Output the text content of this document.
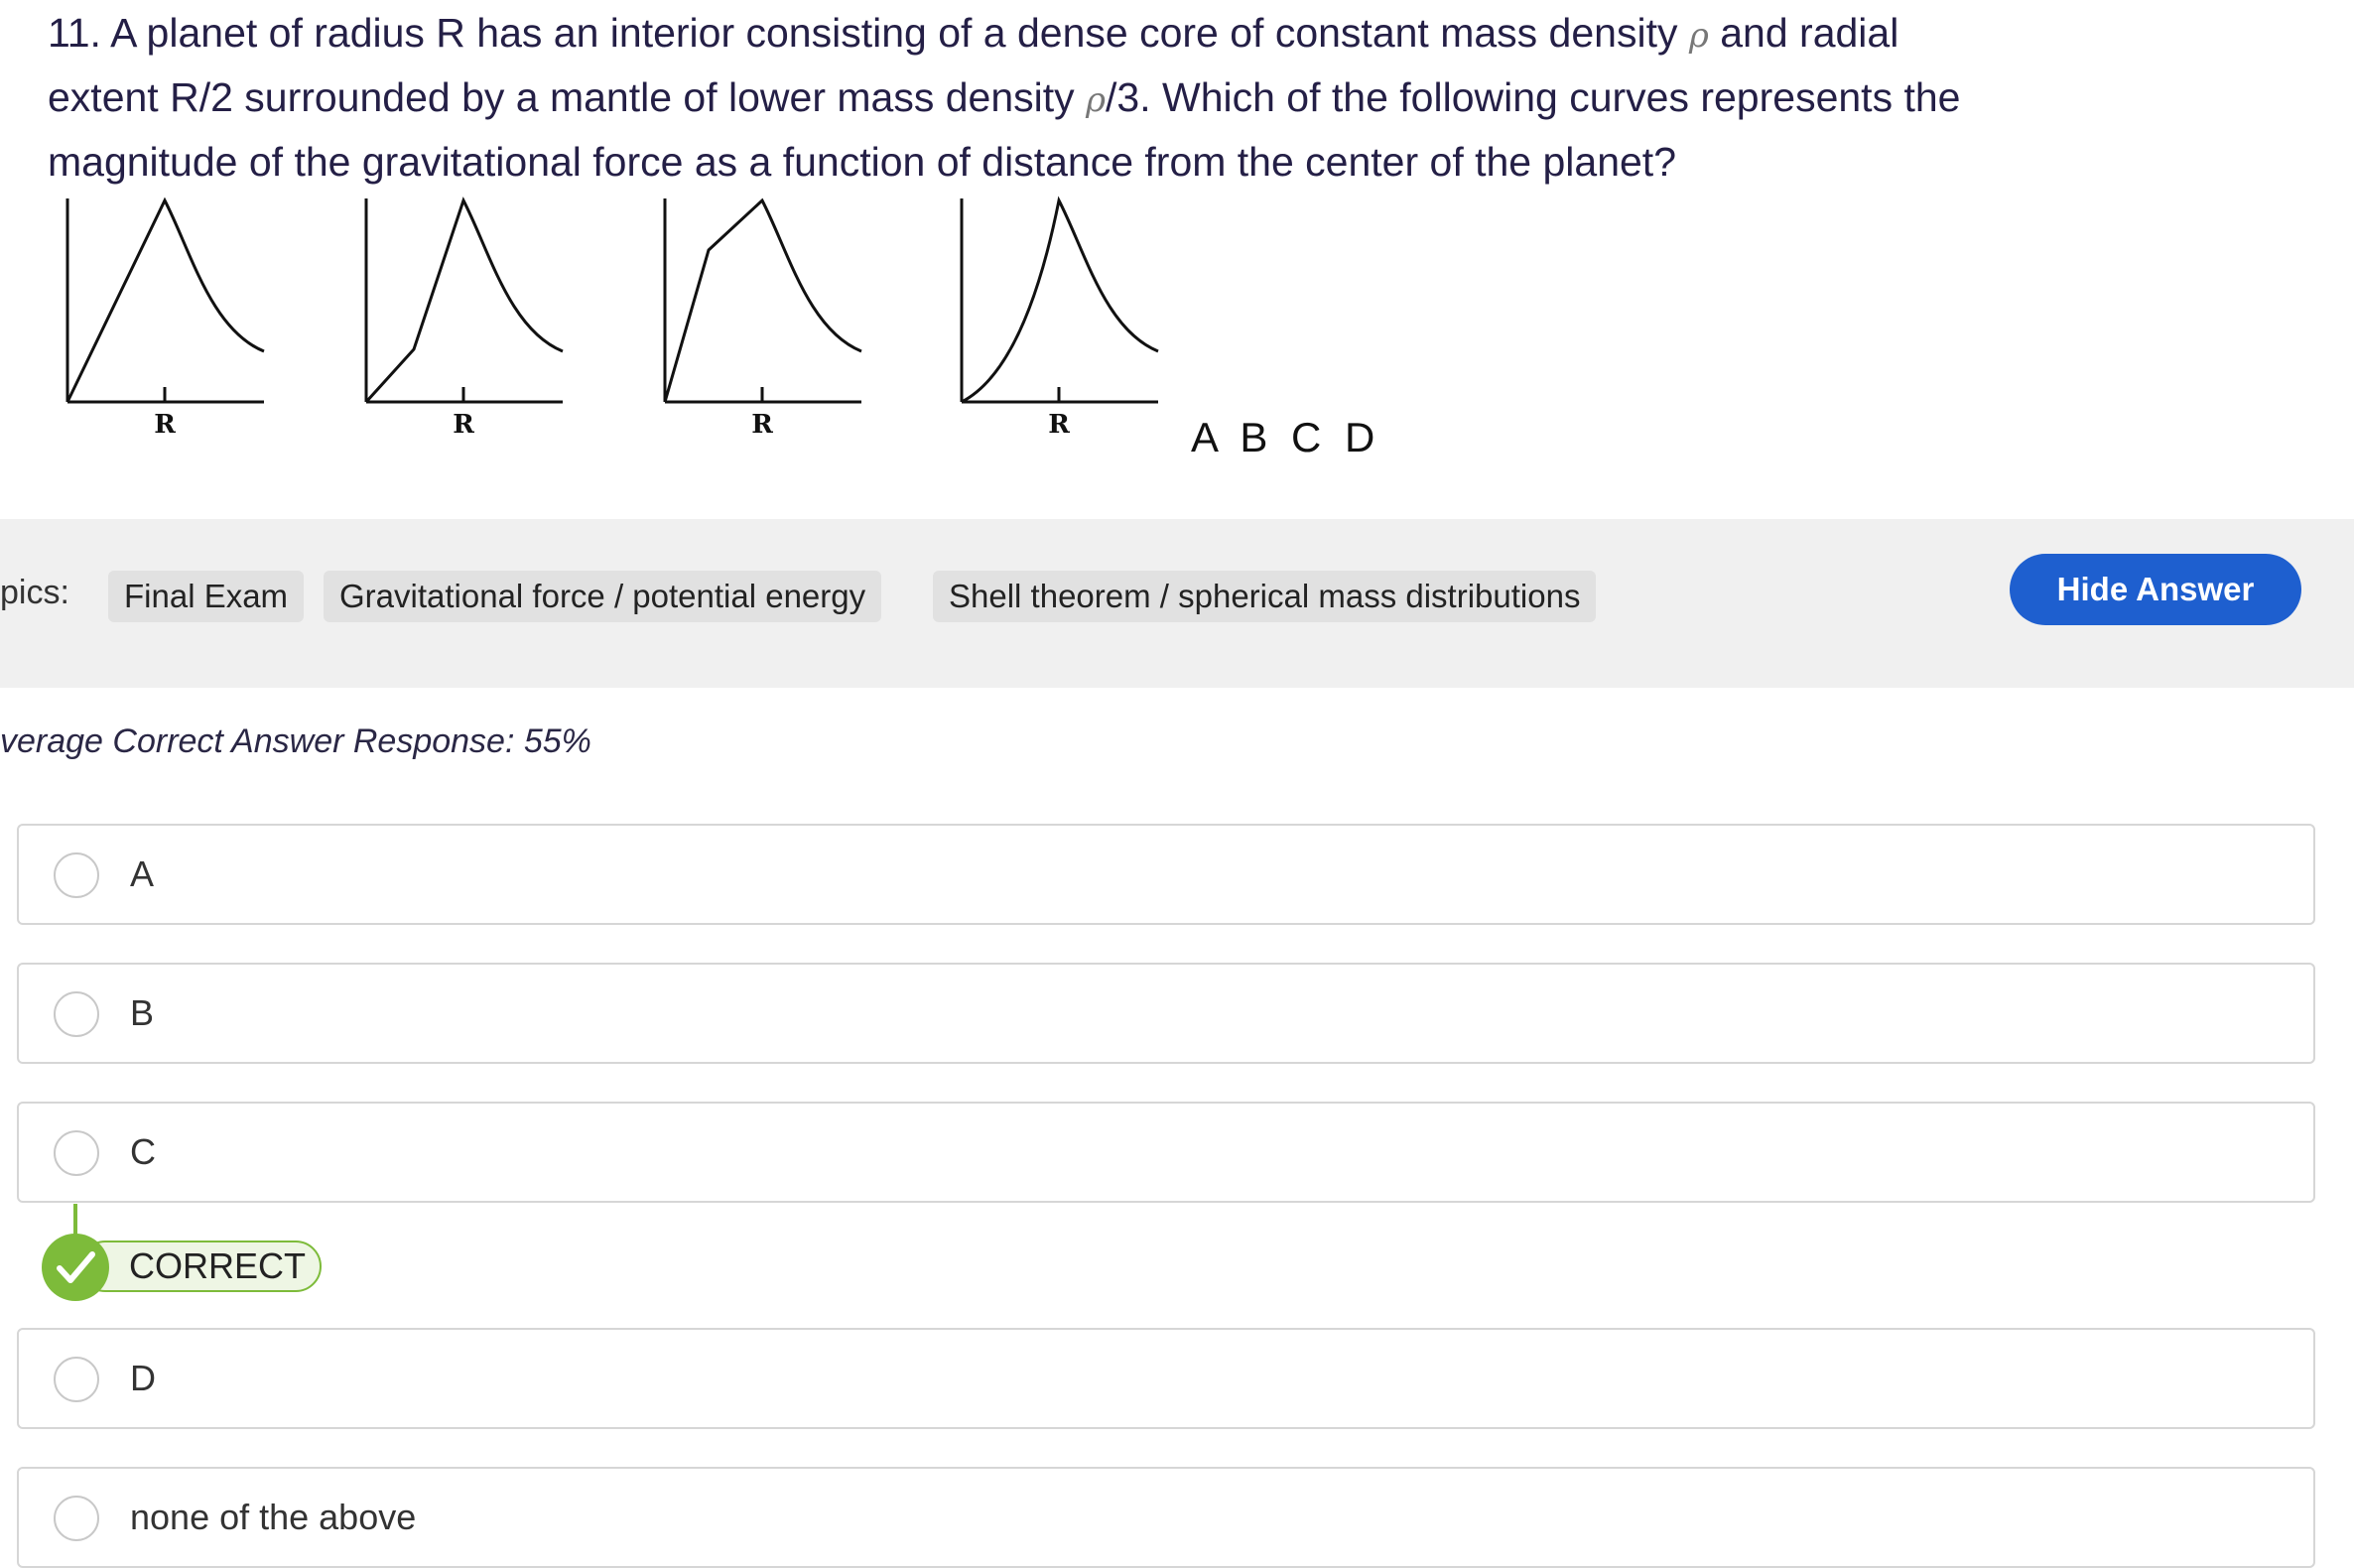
11. A planet of radius R has an interior consisting of a dense core of constant mass density ρ and radial
extent R/2 surrounded by a mantle of lower mass density ρ/3. Which of the following curves represents the
magnitude of the gravitational force as a function of distance from the center of the planet?

R	R	R	R	A B C D
pics:	Final Exam	Gravitational force / potential energy	Shell theorem / spherical mass distributions	Hide Answer
verage Correct Answer Response: 55%
A
B
C
CORRECT
D
none of the above
